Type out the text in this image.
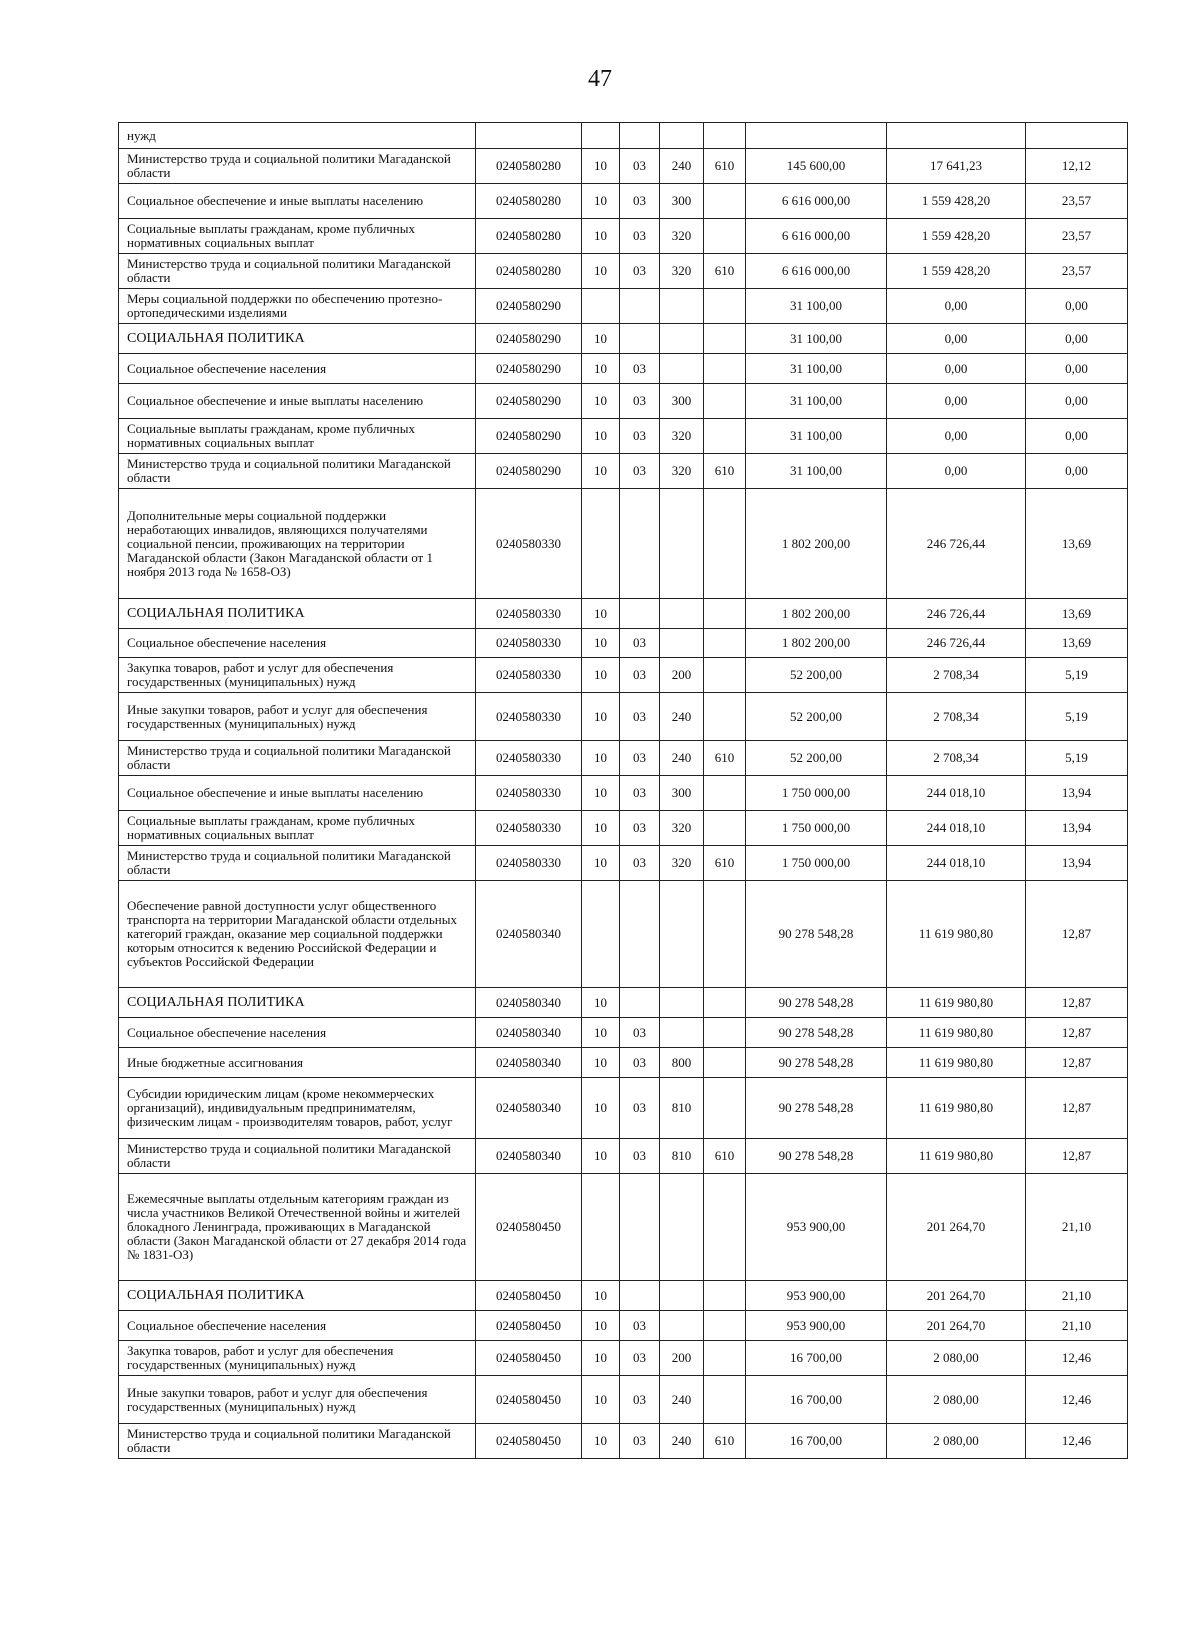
47
нужд								
Министерство труда и социальной политики Магаданской области	0240580280	10	03	240	610	145 600,00	17 641,23	12,12
Социальное обеспечение и иные выплаты населению	0240580280	10	03	300		6 616 000,00	1 559 428,20	23,57
Социальные выплаты гражданам, кроме публичных нормативных социальных выплат	0240580280	10	03	320		6 616 000,00	1 559 428,20	23,57
Министерство труда и социальной политики Магаданской области	0240580280	10	03	320	610	6 616 000,00	1 559 428,20	23,57
Меры социальной поддержки по обеспечению протезно-ортопедическими изделиями	0240580290					31 100,00	0,00	0,00
СОЦИАЛЬНАЯ ПОЛИТИКА	0240580290	10				31 100,00	0,00	0,00
Социальное обеспечение населения	0240580290	10	03			31 100,00	0,00	0,00
Социальное обеспечение и иные выплаты населению	0240580290	10	03	300		31 100,00	0,00	0,00
Социальные выплаты гражданам, кроме публичных нормативных социальных выплат	0240580290	10	03	320		31 100,00	0,00	0,00
Министерство труда и социальной политики Магаданской области	0240580290	10	03	320	610	31 100,00	0,00	0,00
Дополнительные меры социальной поддержки неработающих инвалидов, являющихся получателями социальной пенсии, проживающих на территории Магаданской области (Закон Магаданской области от 1 ноября 2013 года № 1658-ОЗ)	0240580330					1 802 200,00	246 726,44	13,69
СОЦИАЛЬНАЯ ПОЛИТИКА	0240580330	10				1 802 200,00	246 726,44	13,69
Социальное обеспечение населения	0240580330	10	03			1 802 200,00	246 726,44	13,69
Закупка товаров, работ и услуг для обеспечения государственных (муниципальных) нужд	0240580330	10	03	200		52 200,00	2 708,34	5,19
Иные закупки товаров, работ и услуг для обеспечения государственных (муниципальных) нужд	0240580330	10	03	240		52 200,00	2 708,34	5,19
Министерство труда и социальной политики Магаданской области	0240580330	10	03	240	610	52 200,00	2 708,34	5,19
Социальное обеспечение и иные выплаты населению	0240580330	10	03	300		1 750 000,00	244 018,10	13,94
Социальные выплаты гражданам, кроме публичных нормативных социальных выплат	0240580330	10	03	320		1 750 000,00	244 018,10	13,94
Министерство труда и социальной политики Магаданской области	0240580330	10	03	320	610	1 750 000,00	244 018,10	13,94
Обеспечение равной доступности услуг общественного транспорта на территории Магаданской области отдельных категорий граждан, оказание мер социальной поддержки которым относится к ведению Российской Федерации и субъектов Российской Федерации	0240580340					90 278 548,28	11 619 980,80	12,87
СОЦИАЛЬНАЯ ПОЛИТИКА	0240580340	10				90 278 548,28	11 619 980,80	12,87
Социальное обеспечение населения	0240580340	10	03			90 278 548,28	11 619 980,80	12,87
Иные бюджетные ассигнования	0240580340	10	03	800		90 278 548,28	11 619 980,80	12,87
Субсидии юридическим лицам (кроме некоммерческих организаций), индивидуальным предпринимателям, физическим лицам - производителям товаров, работ, услуг	0240580340	10	03	810		90 278 548,28	11 619 980,80	12,87
Министерство труда и социальной политики Магаданской области	0240580340	10	03	810	610	90 278 548,28	11 619 980,80	12,87
Ежемесячные выплаты отдельным категориям граждан из числа участников Великой Отечественной войны и жителей блокадного Ленинграда, проживающих в Магаданской области (Закон Магаданской области от 27 декабря 2014 года № 1831-ОЗ)	0240580450					953 900,00	201 264,70	21,10
СОЦИАЛЬНАЯ ПОЛИТИКА	0240580450	10				953 900,00	201 264,70	21,10
Социальное обеспечение населения	0240580450	10	03			953 900,00	201 264,70	21,10
Закупка товаров, работ и услуг для обеспечения государственных (муниципальных) нужд	0240580450	10	03	200		16 700,00	2 080,00	12,46
Иные закупки товаров, работ и услуг для обеспечения государственных (муниципальных) нужд	0240580450	10	03	240		16 700,00	2 080,00	12,46
Министерство труда и социальной политики Магаданской области	0240580450	10	03	240	610	16 700,00	2 080,00	12,46
